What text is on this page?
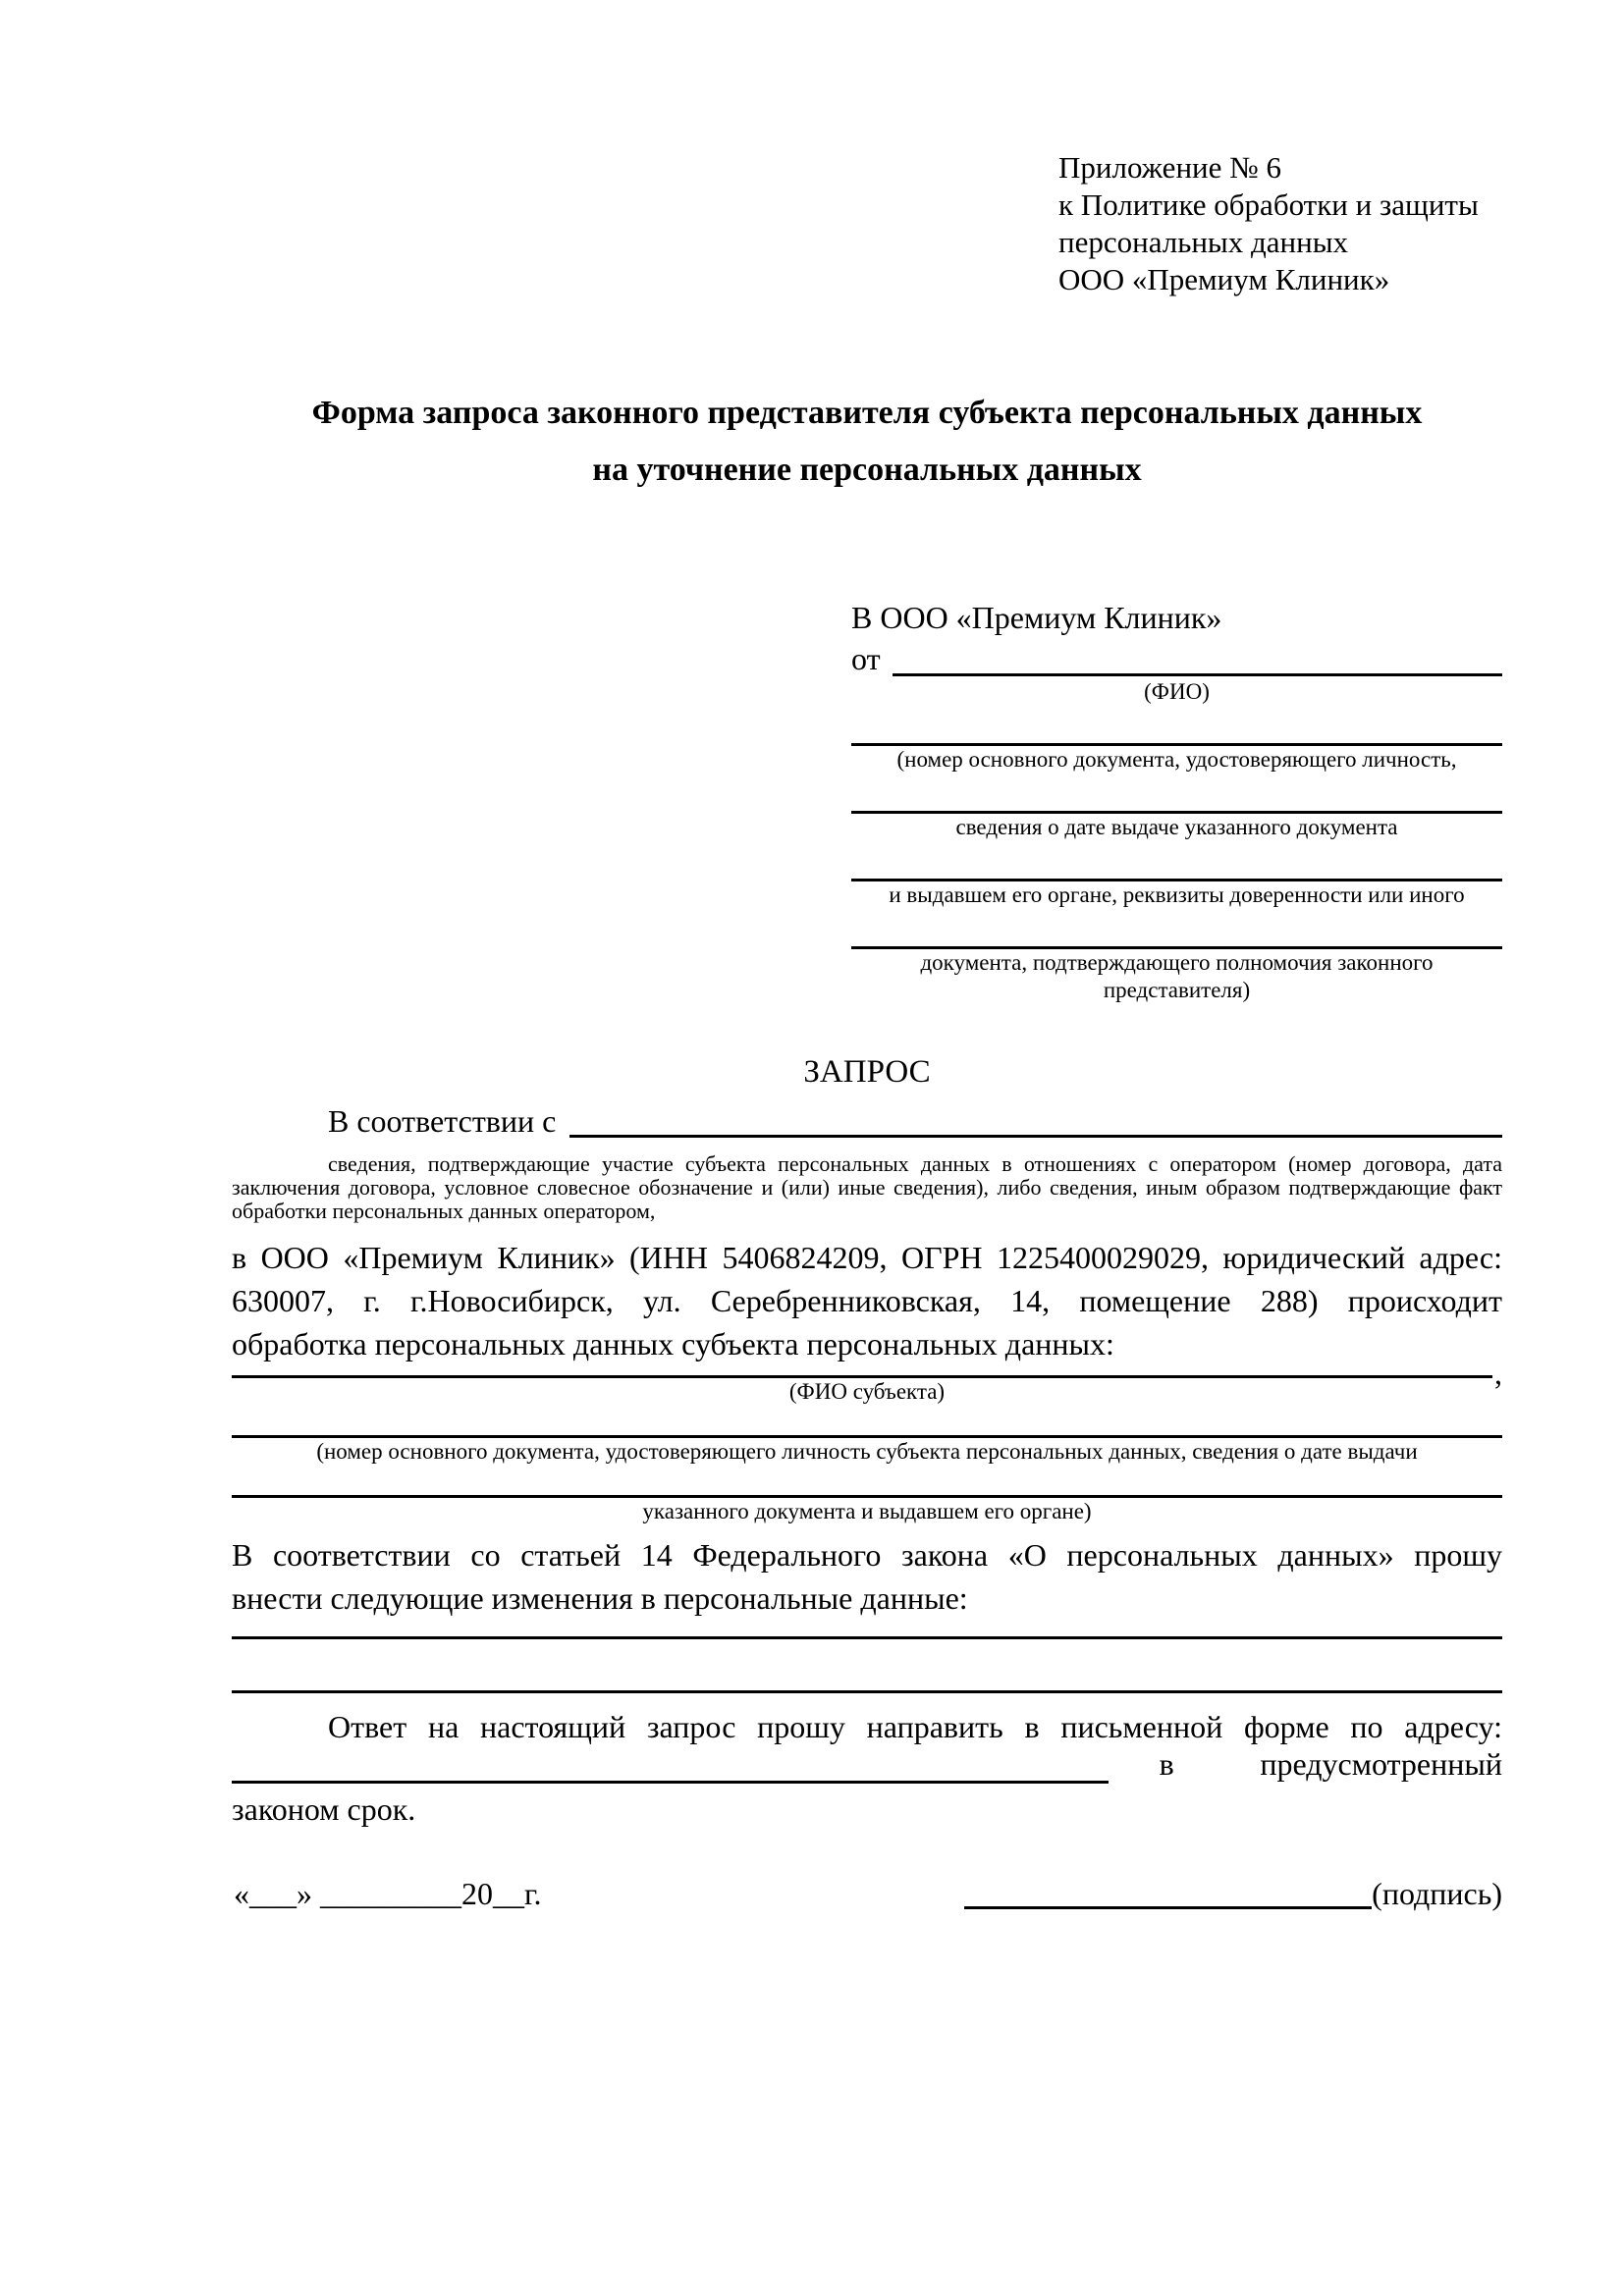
Приложение № 6
к Политике обработки и защиты
персональных данных
ООО «Премиум Клиник»
Форма запроса законного представителя субъекта персональных данных
на уточнение персональных данных
В ООО «Премиум Клиник»
от
(ФИО)
(номер основного документа, удостоверяющего личность,
сведения о дате выдаче указанного документа
и выдавшем его органе, реквизиты доверенности или иного
документа, подтверждающего полномочия законного представителя)
ЗАПРОС
В соответствии с
сведения, подтверждающие участие субъекта персональных данных в отношениях с оператором (номер договора, дата
заключения договора, условное словесное обозначение и (или) иные сведения), либо сведения, иным образом подтверждающие факт
обработки персональных данных оператором,
в ООО «Премиум Клиник» (ИНН 5406824209, ОГРН 1225400029029, юридический адрес:
630007, г. г.Новосибирск, ул. Серебренниковская, 14, помещение 288) происходит
обработка персональных данных субъекта персональных данных:
,
(ФИО субъекта)
(номер основного документа, удостоверяющего личность субъекта персональных данных, сведения о дате выдачи
указанного документа и выдавшем его органе)
В соответствии со статьей 14 Федерального закона «О персональных данных» прошу
внести следующие изменения в персональные данные:
Ответ на настоящий запрос прошу направить в письменной форме по адресу:
в	предусмотренный
законом срок.
«___» _________20__г.	(подпись)
